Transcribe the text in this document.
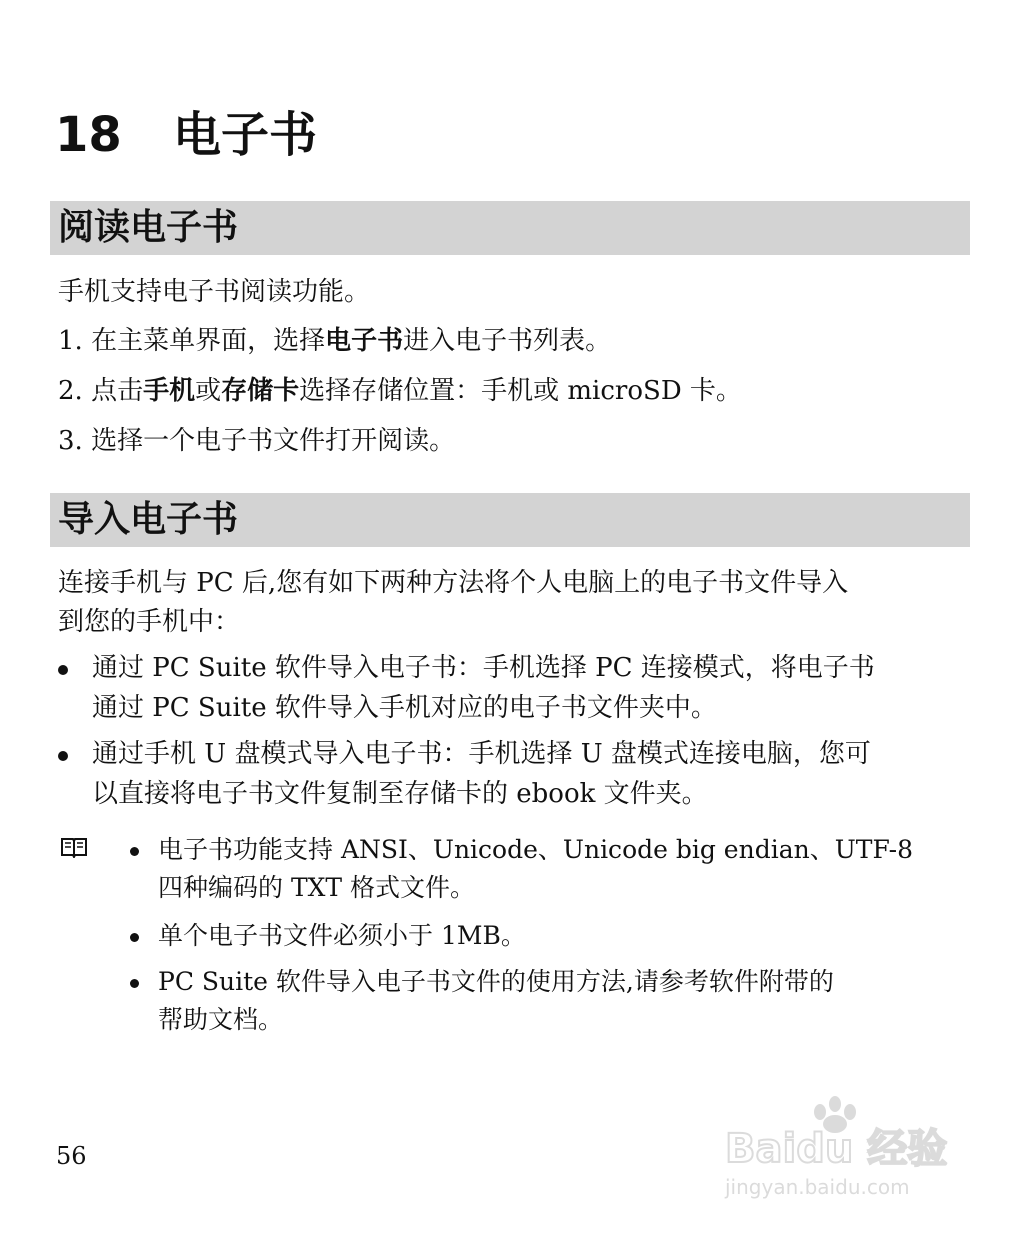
18 电子书
阅读电子书
手机支持电子书阅读功能。
1. 在主菜单界面，选择电子书进入电子书列表。
2. 点击手机或存储卡选择存储位置：手机或 microSD 卡。
3. 选择一个电子书文件打开阅读。
导入电子书
连接手机与 PC 后,您有如下两种方法将个人电脑上的电子书文件导入
到您的手机中：
通过 PC Suite 软件导入电子书：手机选择 PC 连接模式，将电子书
通过 PC Suite 软件导入手机对应的电子书文件夹中。
通过手机 U 盘模式导入电子书：手机选择 U 盘模式连接电脑，您可
以直接将电子书文件复制至存储卡的 ebook 文件夹。
电子书功能支持 ANSI、Unicode、Unicode big endian、UTF-8
四种编码的 TXT 格式文件。
单个电子书文件必须小于 1MB。
PC Suite 软件导入电子书文件的使用方法,请参考软件附带的
帮助文档。
56	Baidu 经验
jingyan.baidu.com
